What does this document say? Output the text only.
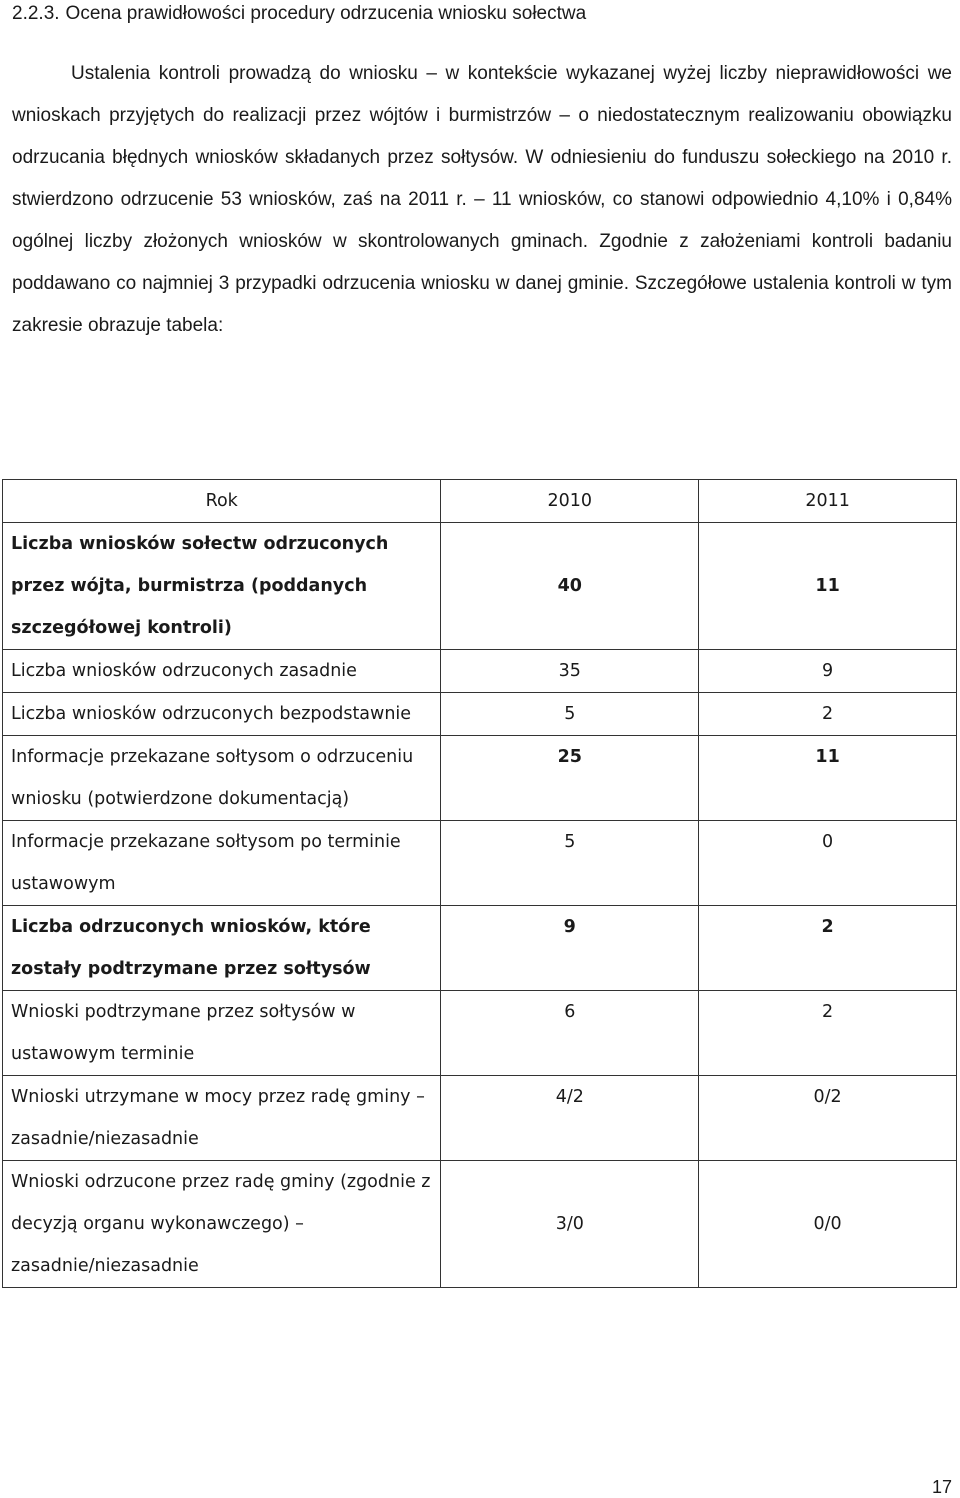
2.2.3. Ocena prawidłowości procedury odrzucenia wniosku sołectwa
Ustalenia kontroli prowadzą do wniosku – w kontekście wykazanej wyżej liczby nieprawidłowości we wnioskach przyjętych do realizacji przez wójtów i burmistrzów – o niedostatecznym realizowaniu obowiązku odrzucania błędnych wniosków składanych przez sołtysów. W odniesieniu do funduszu sołeckiego na 2010 r. stwierdzono odrzucenie 53 wniosków, zaś na 2011 r. – 11 wniosków, co stanowi odpowiednio 4,10% i 0,84% ogólnej liczby złożonych wniosków w skontrolowanych gminach. Zgodnie z założeniami kontroli badaniu poddawano co najmniej 3 przypadki odrzucenia wniosku w danej gminie. Szczegółowe ustalenia kontroli w tym zakresie obrazuje tabela:
Rok	2010	2011
Liczba wniosków sołectw odrzuconych przez wójta, burmistrza (poddanych szczegółowej kontroli)	40	11
Liczba wniosków odrzuconych zasadnie	35	9
Liczba wniosków odrzuconych bezpodstawnie	5	2
Informacje przekazane sołtysom o odrzuceniu wniosku (potwierdzone dokumentacją)	25	11
Informacje przekazane sołtysom po terminie ustawowym	5	0
Liczba odrzuconych wniosków, które zostały podtrzymane przez sołtysów	9	2
Wnioski podtrzymane przez sołtysów w ustawowym terminie	6	2
Wnioski utrzymane w mocy przez radę gminy – zasadnie/niezasadnie	4/2	0/2
Wnioski odrzucone przez radę gminy (zgodnie z decyzją organu wykonawczego) – zasadnie/niezasadnie	3/0	0/0
17
